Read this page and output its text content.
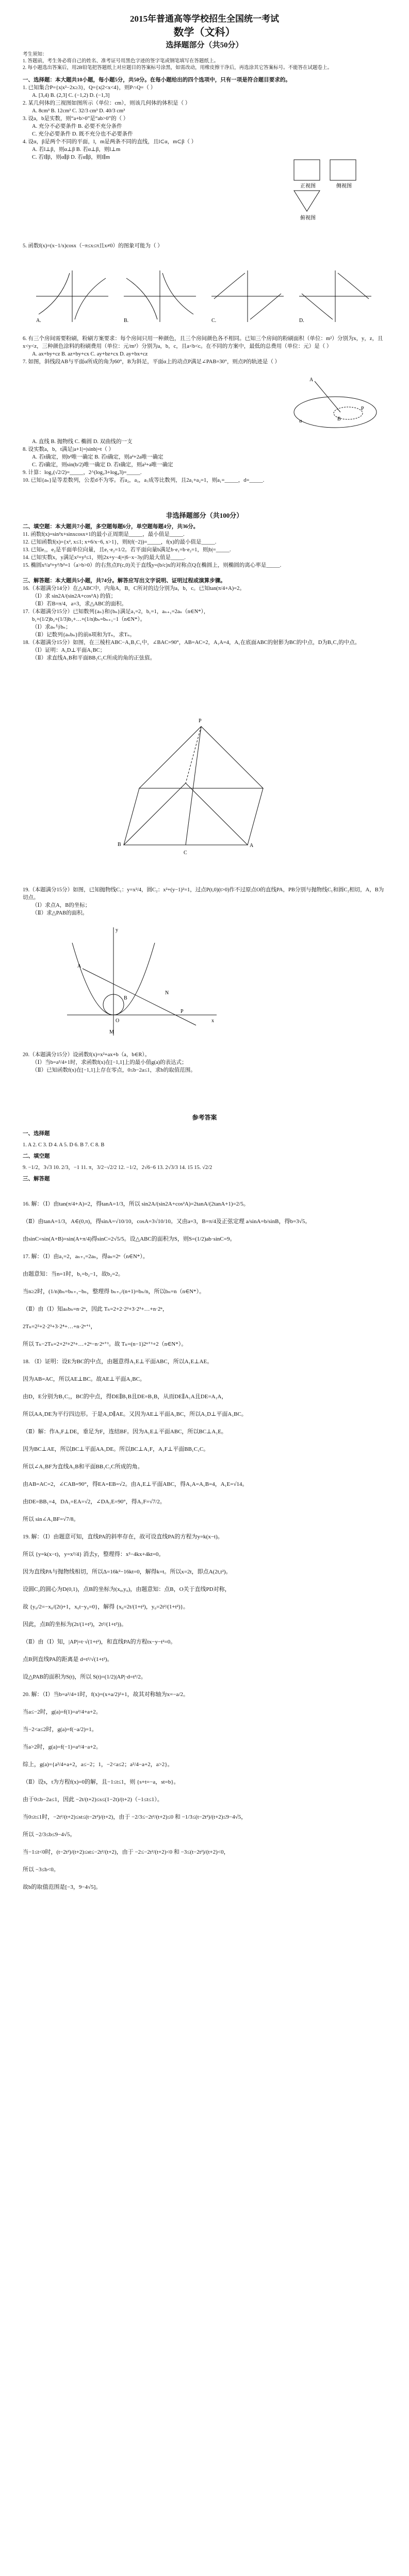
2015年普通高等学校招生全国统一考试
数学（文科）
选择题部分（共50分）
考生须知：
1. 答题前，考生务必将自己的姓名、准考证号用黑色字迹的签字笔或钢笔填写在答题纸上。
2. 每小题选出答案后，用2B铅笔把答题纸上对应题目的答案标号涂黑，如需改动，用橡皮擦干净后，再选涂其它答案标号。不能答在试题卷上。
一、选择题：本大题共10小题，每小题5分，共50分。在每小题给出的四个选项中，只有一项是符合题目要求的。
1. 已知集合P={x|x²−2x≥3}，Q={x|2<x<4}，则P∩Q=（ ）
A. [3,4) B. (2,3] C. (−1,2) D. (−1,3]
2. 某几何体的三视图如图所示（单位：cm），则该几何体的体积是（ ）
A. 8cm³ B. 12cm³ C. 32/3 cm³ D. 40/3 cm³
3. 设a，b是实数，则“a+b>0”是“ab>0”的（ ）
A. 充分不必要条件 B. 必要不充分条件
C. 充分必要条件 D. 既不充分也不必要条件
4. 设α，β是两个不同的平面，l，m是两条不同的直线，且l⊂α，m⊂β（ ）
A. 若l⊥β，则α⊥β B. 若α⊥β，则l⊥m
C. 若l∥β，则α∥β D. 若α∥β，则l∥m
正视图	侧视图
俯视图
5. 函数f(x)=(x−1/x)cosx（−π≤x≤π且x≠0）的图象可能为（ ）
A.	B.	C.	D.
6. 有三个房间需要粉刷，粉刷方案要求：每个房间只用一种颜色，且三个房间颜色各不相同。已知三个房间的粉刷面积（单位：m²）分别为x，y，z，且x<y<z，三种颜色涂料的粉刷费用（单位：元/m²）分别为a，b，c，且a<b<c。在不同的方案中，最低的总费用（单位：元）是（ ）
A. ax+by+cz B. az+by+cx C. ay+bz+cx D. ay+bx+cz
7. 如图，斜线段AB与平面α所成的角为60°，B为斜足，平面α上的动点P满足∠PAB=30°，则点P的轨迹是（ ）
A
B
P
α
A. 直线 B. 抛物线 C. 椭圆 D. 双曲线的一支
8. 设实数a，b，t满足|a+1|=|sinb|=t（ ）
A. 若t确定，则b²唯一确定 B. 若t确定，则a²+2a唯一确定
C. 若t确定，则sin(b/2)唯一确定 D. 若t确定，则a²+a唯一确定
9. 计算：log₂(√2/2)=_____，2^(log₂3+log₄3)=_____.
10. 已知{aₙ}是等差数列，公差d不为零。若a₂，a₃，a₇成等比数列，且2a₁+a₂=1，则a₁=_____，d=_____.
非选择题部分（共100分）
二、填空题：本大题共7小题，多空题每题6分，单空题每题4分，共36分。
11. 函数f(x)=sin²x+sinxcosx+1的最小正周期是_____，最小值是_____.
12. 已知函数f(x)={x², x≤1; x+6/x−6, x>1}，则f(f(−2))=_____，f(x)的最小值是_____.
13. 已知e₁，e₂是平面单位向量，且e₁·e₂=1/2。若平面向量b满足b·e₁=b·e₂=1，则|b|=_____.
14. 已知实数x，y满足x²+y²≤1，则|2x+y−4|+|6−x−3y|的最大值是_____.
15. 椭圆x²/a²+y²/b²=1（a>b>0）的右焦点F(c,0)关于直线y=(b/c)x的对称点Q在椭圆上，则椭圆的离心率是_____.
三、解答题：本大题共5小题，共74分。解答应写出文字说明、证明过程或演算步骤。
16.（本题满分14分）在△ABC中，内角A，B，C所对的边分别为a，b，c。已知tan(π/4+A)=2。
（Ⅰ）求 sin2A/(sin2A+cos²A) 的值；
（Ⅱ）若B=π/4，a=3，求△ABC的面积。
17.（本题满分15分）已知数列{aₙ}和{bₙ}满足a₁=2，b₁=1，aₙ₊₁=2aₙ（n∈N*），
b₁+(1/2)b₂+(1/3)b₃+…+(1/n)bₙ=bₙ₊₁−1（n∈N*）。
（Ⅰ）求aₙ与bₙ；
（Ⅱ）记数列{aₙbₙ}的前n项和为Tₙ，求Tₙ。
18.（本题满分15分）如图，在三棱柱ABC−A₁B₁C₁中，∠BAC=90°，AB=AC=2，A₁A=4，A₁在底面ABC的射影为BC的中点，D为B₁C₁的中点。
（Ⅰ）证明：A₁D⊥平面A₁BC；
（Ⅱ）求直线A₁B和平面BB₁C₁C所成的角的正弦值。
P
B
C
A
19.（本题满分15分）如图，已知抛物线C₁：y=x²/4，圆C₂：x²+(y−1)²=1，过点P(t,0)(t>0)作不过原点O的直线PA，PB分别与抛物线C₁和圆C₂相切，A，B为切点。
（Ⅰ）求点A，B的坐标；
（Ⅱ）求△PAB的面积。
O	x
y
A
P
B
M
N
20.（本题满分15分）设函数f(x)=x²+ax+b（a，b∈R）。
（Ⅰ）当b=a²/4+1时，求函数f(x)在[−1,1]上的最小值g(a)的表达式；
（Ⅱ）已知函数f(x)在[−1,1]上存在零点，0≤b−2a≤1，求b的取值范围。
参考答案
一、选择题
1. A 2. C 3. D 4. A 5. D 6. B 7. C 8. B
二、填空题
9. −1/2，3√3 10. 2/3，−1 11. π，3/2−√2/2 12. −1/2，2√6−6 13. 2√3/3 14. 15 15. √2/2
三、解答题
16. 解：（Ⅰ）由tan(π/4+A)=2，得tanA=1/3，所以 sin2A/(sin2A+cos²A)=2tanA/(2tanA+1)=2/5。
（Ⅱ）由tanA=1/3，A∈(0,π)，得sinA=√10/10，cosA=3√10/10。又由a=3，B=π/4及正弦定理 a/sinA=b/sinB，得b=3√5。
由sinC=sin(A+B)=sin(A+π/4)得sinC=2√5/5。设△ABC的面积为S，则S=(1/2)ab·sinC=9。
17. 解：（Ⅰ）由a₁=2，aₙ₊₁=2aₙ，得aₙ=2ⁿ（n∈N*）。
由题意知：当n=1时，b₁=b₂−1，故b₂=2。
当n≥2时，(1/n)bₙ=bₙ₊₁−bₙ，整理得 bₙ₊₁/(n+1)=bₙ/n，所以bₙ=n（n∈N*）。
（Ⅱ）由（Ⅰ）知aₙbₙ=n·2ⁿ，因此 Tₙ=2+2·2²+3·2³+…+n·2ⁿ，
2Tₙ=2²+2·2³+3·2⁴+…+n·2ⁿ⁺¹，
所以 Tₙ−2Tₙ=2+2²+2³+…+2ⁿ−n·2ⁿ⁺¹。故 Tₙ=(n−1)2ⁿ⁺¹+2（n∈N*）。
18. （Ⅰ）证明：设E为BC的中点，由题意得A₁E⊥平面ABC，所以A₁E⊥AE。
因为AB=AC，所以AE⊥BC。故AE⊥平面A₁BC。
由D，E分别为B₁C₁，BC的中点，得DE∥B₁B且DE=B₁B，从而DE∥A₁A且DE=A₁A，
所以AA₁DE为平行四边形。于是A₁D∥AE。又因为AE⊥平面A₁BC，所以A₁D⊥平面A₁BC。
（Ⅱ）解：作A₁F⊥DE，垂足为F，连结BF。因为A₁E⊥平面ABC，所以BC⊥A₁E。
因为BC⊥AE，所以BC⊥平面AA₁DE。所以BC⊥A₁F，A₁F⊥平面BB₁C₁C。
所以∠A₁BF为直线A₁B和平面BB₁C₁C所成的角。
由AB=AC=2，∠CAB=90°，得EA=EB=√2。由A₁E⊥平面ABC，得A₁A=A₁B=4，A₁E=√14。
由DE=BB₁=4，DA₁=EA=√2，∠DA₁E=90°，得A₁F=√7/2。
所以 sin∠A₁BF=√7/8。
19. 解：（Ⅰ）由题意可知，直线PA的斜率存在，故可设直线PA的方程为y=k(x−t)。
所以 {y=k(x−t)，y=x²/4} 消去y，整理得：x²−4kx+4kt=0。
因为直线PA与抛物线相切，所以Δ=16k²−16kt=0，解得k=t。所以x=2t，即点A(2t,t²)。
设圆C₂的圆心为D(0,1)，点B的坐标为(x₀,y₀)，由题意知：点B，O关于直线PD对称，
故 {y₀/2=−x₀/(2t)+1，x₀t−y₀=0}，解得 {x₀=2t/(1+t²)，y₀=2t²/(1+t²)}。
因此，点B的坐标为(2t/(1+t²)，2t²/(1+t²))。
（Ⅱ）由（Ⅰ）知，|AP|=t·√(1+t²)，和直线PA的方程tx−y−t²=0。
点B到直线PA的距离是 d=t²/√(1+t²)。
设△PAB的面积为S(t)，所以 S(t)=(1/2)|AP|·d=t³/2。
20. 解：（Ⅰ）当b=a²/4+1时，f(x)=(x+a/2)²+1，故其对称轴为x=−a/2。
当a≤−2时，g(a)=f(1)=a²/4+a+2。
当−2<a≤2时，g(a)=f(−a/2)=1。
当a>2时，g(a)=f(−1)=a²/4−a+2。
综上，g(a)={a²/4+a+2，a≤−2；1，−2<a≤2；a²/4−a+2，a>2}。
（Ⅱ）设s，t为方程f(x)=0的解，且−1≤t≤1，则 {s+t=−a，st=b}。
由于0≤b−2a≤1，因此 −2t/(t+2)≤s≤(1−2t)/(t+2)（−1≤t≤1）。
当0≤t≤1时，−2t²/(t+2)≤st≤(t−2t²)/(t+2)，由于 −2/3≤−2t²/(t+2)≤0 和 −1/3≤(t−2t²)/(t+2)≤9−4√5，
所以 −2/3≤b≤9−4√5。
当−1≤t<0时，(t−2t²)/(t+2)≤st≤−2t²/(t+2)，由于 −2≤−2t²/(t+2)<0 和 −3≤(t−2t²)/(t+2)<0，
所以 −3≤b<0。
故b的取值范围是[−3，9−4√5]。
